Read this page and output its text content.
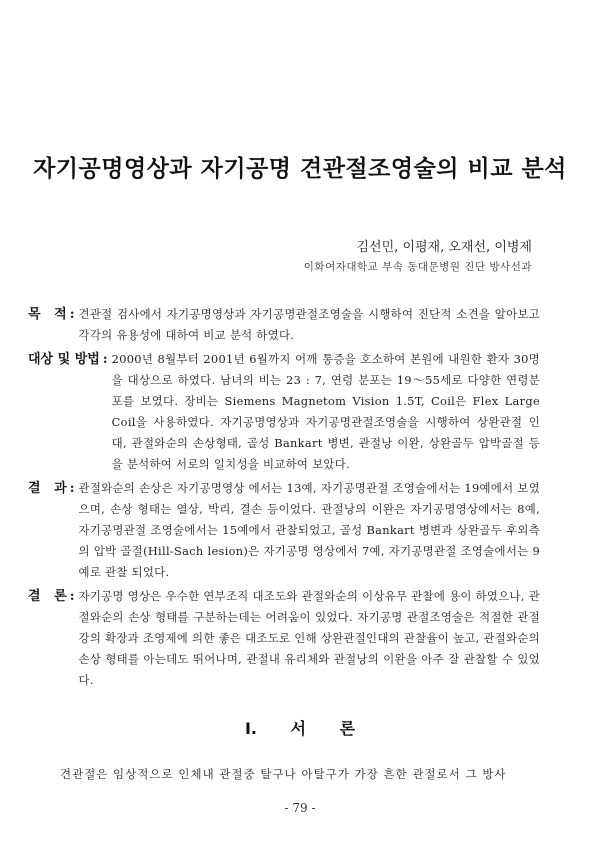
자기공명영상과 자기공명 견관절조영술의 비교 분석
김선민, 이평재, 오재선, 이병제
이화여자대학교 부속 동대문병원 진단 방사선과
목   적 : 견관절 검사에서 자기공명영상과 자기공명관절조영술을 시행하여 진단적 소견을 알아보고 각각의 유용성에 대하여 비교 분석 하였다.
대상 및 방법 : 2000년 8월부터 2001년 6월까지 어깨 통증을 호소하여 본원에 내원한 환자 30명을 대상으로 하였다. 남녀의 비는 23 : 7, 연령 분포는 19～55세로 다양한 연령분포를 보였다. 장비는 Siemens Magnetom Vision 1.5T, Coil은 Flex Large Coil을 사용하였다. 자기공명영상과 자기공명관절조영술을 시행하여 상완관절 인대, 관절와순의 손상형태, 골성 Bankart 병변, 관절낭 이완, 상완골두 압박골절 등을 분석하여 서로의 일치성을 비교하여 보았다.
결   과 : 관절와순의 손상은 자기공명영상 에서는 13예, 자기공명관절 조영술에서는 19예에서 보였으며, 손상 형태는 열상, 박리, 결손 등이었다. 관절낭의 이완은 자기공명영상에서는 8예, 자기공명관절 조영술에서는 15예에서 관찰되었고, 골성 Bankart 병변과 상완골두 후외측의 압박 골절(Hill-Sach lesion)은 자기공명 영상에서 7예, 자기공명관절 조영술에서는 9예로 관찰 되었다.
결   론 : 자기공명 영상은 우수한 연부조직 대조도와 관절와순의 이상유무 관찰에 용이 하였으나, 관절와순의 손상 형태를 구분하는데는 어려움이 있었다. 자기공명 관절조영술은 적절한 관절강의 확장과 조영제에 의한 좋은 대조도로 인해 상완관절인대의 관찰율이 높고, 관절와순의 손상 형태를 아는데도 뛰어나며, 관절내 유리체와 관절낭의 이완을 아주 잘 관찰할 수 있었다.
Ⅰ. 서 론
견관절은 임상적으로 인체내 관절중 탈구나 아탈구가 가장 흔한 관절로서 그 방사
- 79 -
